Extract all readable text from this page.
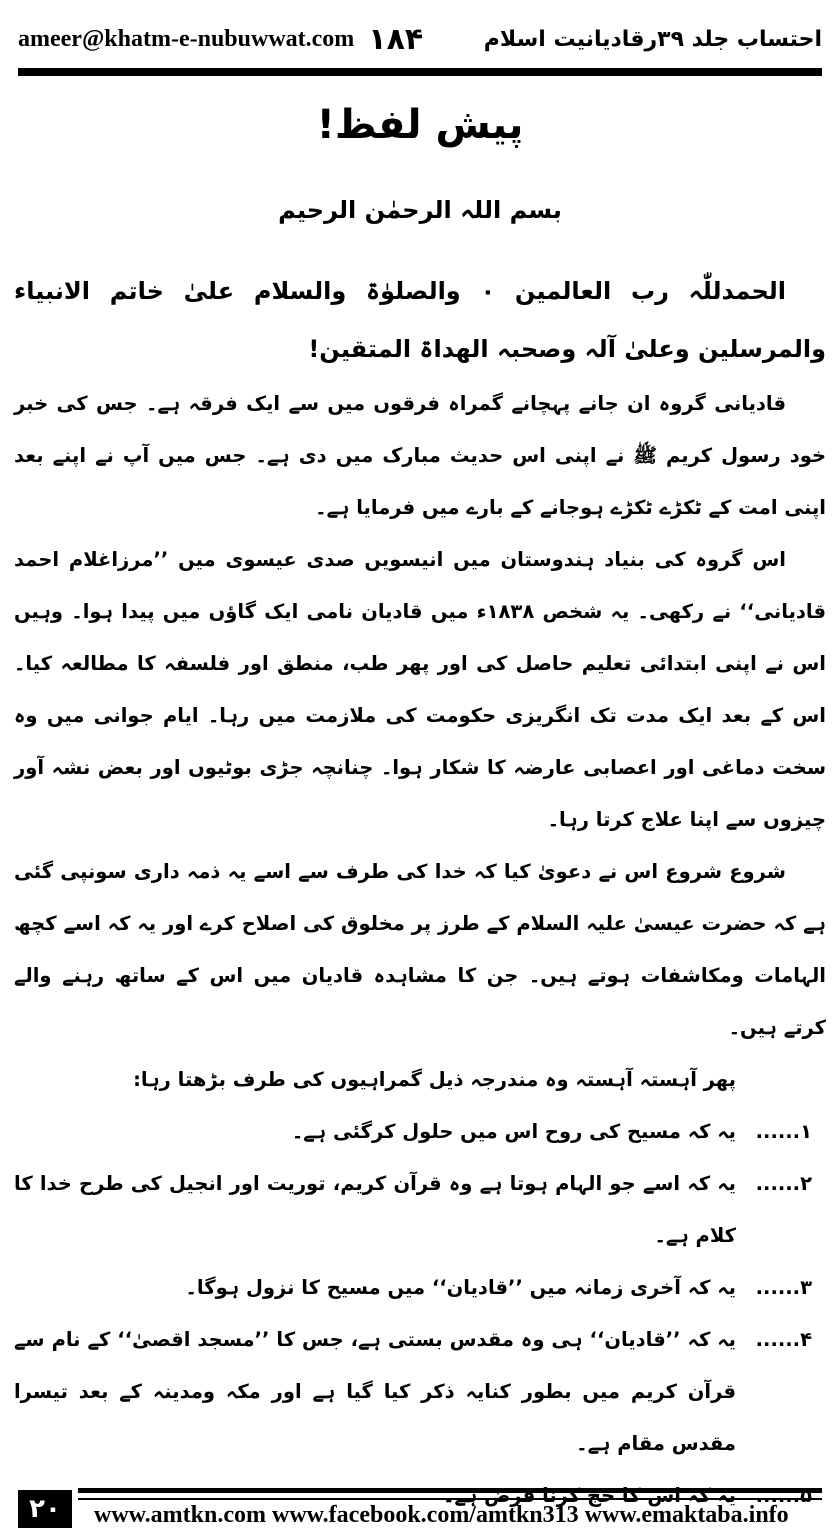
ameer@khatm-e-nubuwwat.com ۱۸۴	احتساب جلد ۳۹رقادیانیت اسلام
پیش لفظ!
بسم اللہ الرحمٰن الرحیم

الحمدللّٰہ رب العالمین ۰ والصلوٰۃ والسلام علیٰ خاتم الانبیاء والمرسلین وعلیٰ آلہ وصحبہ الھداۃ المتقین!

قادیانی گروہ ان جانے پہچانے گمراہ فرقوں میں سے ایک فرقہ ہے۔ جس کی خبر خود رسول کریم ﷺ نے اپنی اس حدیث مبارک میں دی ہے۔ جس میں آپ نے اپنے بعد اپنی امت کے ٹکڑے ٹکڑے ہوجانے کے بارے میں فرمایا ہے۔

اس گروہ کی بنیاد ہندوستان میں انیسویں صدی عیسوی میں ’’مرزاغلام احمد قادیانی‘‘ نے رکھی۔ یہ شخص ۱۸۳۸ء میں قادیان نامی ایک گاؤں میں پیدا ہوا۔ وہیں اس نے اپنی ابتدائی تعلیم حاصل کی اور پھر طب، منطق اور فلسفہ کا مطالعہ کیا۔ اس کے بعد ایک مدت تک انگریزی حکومت کی ملازمت میں رہا۔ ایام جوانی میں وہ سخت دماغی اور اعصابی عارضہ کا شکار ہوا۔ چنانچہ جڑی بوٹیوں اور بعض نشہ آور چیزوں سے اپنا علاج کرتا رہا۔

شروع شروع اس نے دعویٰ کیا کہ خدا کی طرف سے اسے یہ ذمہ داری سونپی گئی ہے کہ حضرت عیسیٰ علیہ السلام کے طرز پر مخلوق کی اصلاح کرے اور یہ کہ اسے کچھ الہامات ومکاشفات ہوتے ہیں۔ جن کا مشاہدہ قادیان میں اس کے ساتھ رہنے والے کرتے ہیں۔

پھر آہستہ آہستہ وہ مندرجہ ذیل گمراہیوں کی طرف بڑھتا رہا:

۱......
یہ کہ مسیح کی روح اس میں حلول کرگئی ہے۔
۲......
یہ کہ اسے جو الہام ہوتا ہے وہ قرآن کریم، توریت اور انجیل کی طرح خدا کا کلام ہے۔
۳......
یہ کہ آخری زمانہ میں ’’قادیان‘‘ میں مسیح کا نزول ہوگا۔
۴......
یہ کہ ’’قادیان‘‘ ہی وہ مقدس بستی ہے، جس کا ’’مسجد اقصیٰ‘‘ کے نام سے قرآن کریم میں بطور کنایہ ذکر کیا گیا ہے اور مکہ ومدینہ کے بعد تیسرا مقدس مقام ہے۔
۵......
یہ کہ اس کا حج کرنا فرض ہے۔
۲۰	www.amtkn.com www.facebook.com/amtkn313 www.emaktaba.info
